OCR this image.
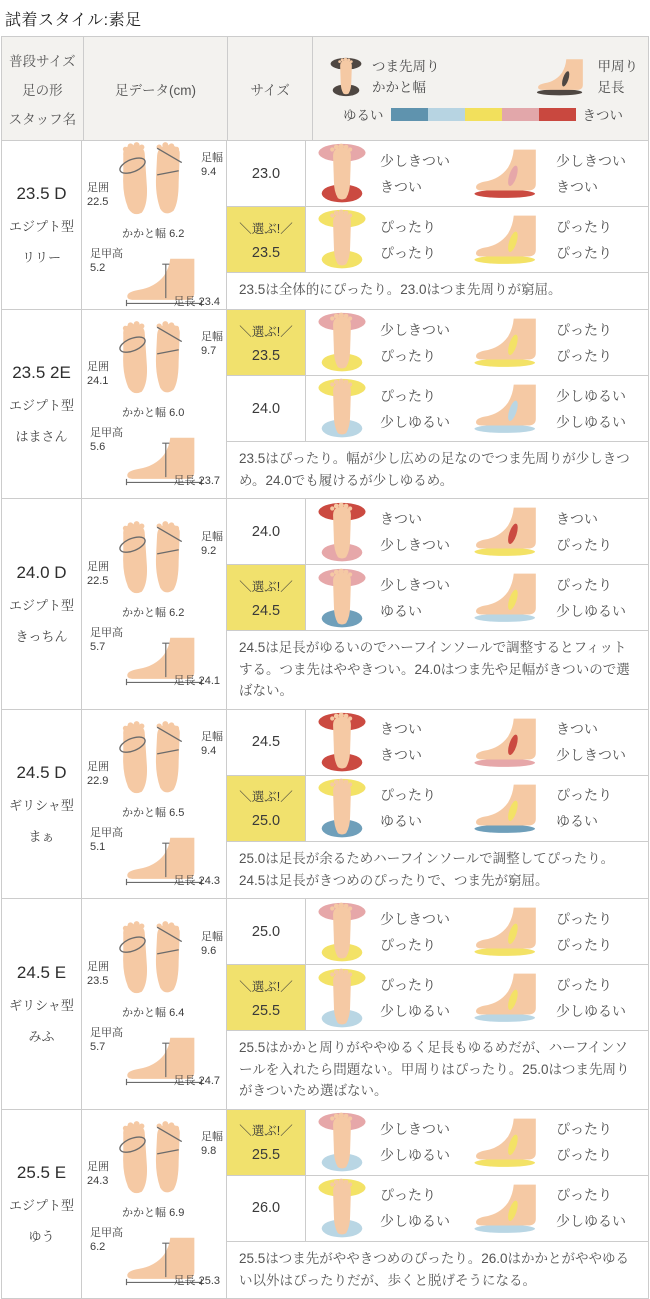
試着スタイル:素足
普段サイズ
足の形
スタッフ名
足データ(cm)	サイズ
つま先周り
かかと幅
甲周り
足長
ゆるい	きつい
23.5 D
エジプト型
リリー
足囲
22.5
足幅
9.4
かかと幅 6.2
足甲高
5.2
足長 23.4
23.0
少しきつい
きつい
少しきつい
きつい
＼選ぶ!／
23.5
ぴったり
ぴったり
ぴったり
ぴったり
23.5は全体的にぴったり。23.0はつま先周りが窮屈。
23.5 2E
エジプト型
はまさん
足囲
24.1
足幅
9.7
かかと幅 6.0
足甲高
5.6
足長 23.7
＼選ぶ!／
23.5
少しきつい
ぴったり
ぴったり
ぴったり
24.0
ぴったり
少しゆるい
少しゆるい
少しゆるい
23.5はぴったり。幅が少し広めの足なのでつま先周りが少しきつめ。24.0でも履けるが少しゆるめ。
24.0 D
エジプト型
きっちん
足囲
22.5
足幅
9.2
かかと幅 6.2
足甲高
5.7
足長 24.1
24.0
きつい
少しきつい
きつい
ぴったり
＼選ぶ!／
24.5
少しきつい
ゆるい
ぴったり
少しゆるい
24.5は足長がゆるいのでハーフインソールで調整するとフィットする。つま先はややきつい。24.0はつま先や足幅がきついので選ばない。
24.5 D
ギリシャ型
まぁ
足囲
22.9
足幅
9.4
かかと幅 6.5
足甲高
5.1
足長 24.3
24.5
きつい
きつい
きつい
少しきつい
＼選ぶ!／
25.0
ぴったり
ゆるい
ぴったり
ゆるい
25.0は足長が余るためハーフインソールで調整してぴったり。24.5は足長がきつめのぴったりで、つま先が窮屈。
24.5 E
ギリシャ型
みふ
足囲
23.5
足幅
9.6
かかと幅 6.4
足甲高
5.7
足長 24.7
25.0
少しきつい
ぴったり
ぴったり
ぴったり
＼選ぶ!／
25.5
ぴったり
少しゆるい
ぴったり
少しゆるい
25.5はかかと周りがややゆるく足長もゆるめだが、ハーフインソールを入れたら問題ない。甲周りはぴったり。25.0はつま先周りがきついため選ばない。
25.5 E
エジプト型
ゆう
足囲
24.3
足幅
9.8
かかと幅 6.9
足甲高
6.2
足長 25.3
＼選ぶ!／
25.5
少しきつい
少しゆるい
ぴったり
ぴったり
26.0
ぴったり
少しゆるい
ぴったり
少しゆるい
25.5はつま先がややきつめのぴったり。26.0はかかとがややゆるい以外はぴったりだが、歩くと脱げそうになる。
